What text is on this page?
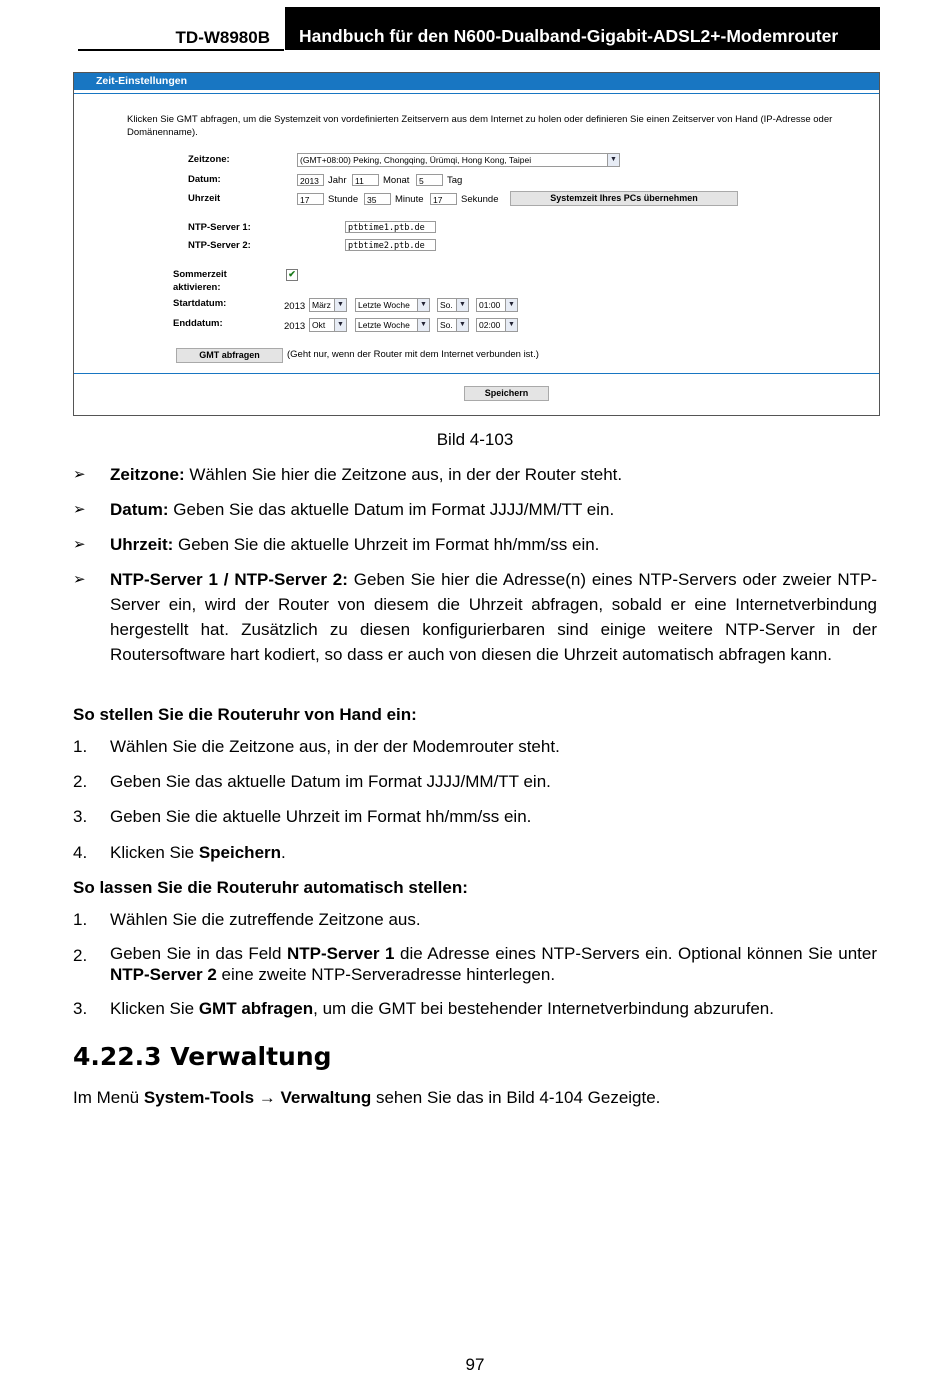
TD-W8980B Handbuch für den N600-Dualband-Gigabit-ADSL2+-Modemrouter
Zeit-Einstellungen
Klicken Sie GMT abfragen, um die Systemzeit von vordefinierten Zeitservern aus dem Internet zu holen oder definieren Sie einen Zeitserver von Hand (IP-Adresse oder Domänenname).
Zeitzone:	(GMT+08:00) Peking, Chongqing, Ürümqi, Hong Kong, Taipei	▼
Datum:	2013 Jahr	11	Monat	5	Tag
Uhrzeit	17	Stunde	35	Minute	17	Sekunde	Systemzeit Ihres PCs übernehmen
NTP-Server 1:	ptbtime1.ptb.de
NTP-Server 2:	ptbtime2.ptb.de
Sommerzeit aktivieren:
✔
Startdatum:	2013 März ▼	Letzte Woche	▼	So. ▼	01:00	▼
Enddatum:	2013 Okt	▼	Letzte Woche	▼	So. ▼	02:00	▼
GMT abfragen	(Geht nur, wenn der Router mit dem Internet verbunden ist.)
Speichern
Bild 4-103
➢ Zeitzone: Wählen Sie hier die Zeitzone aus, in der der Router steht.
➢ Datum: Geben Sie das aktuelle Datum im Format JJJJ/MM/TT ein.
➢ Uhrzeit: Geben Sie die aktuelle Uhrzeit im Format hh/mm/ss ein.
➢ NTP-Server 1 / NTP-Server 2: Geben Sie hier die Adresse(n) eines NTP-Servers oder zweier NTP-Server ein, wird der Router von diesem die Uhrzeit abfragen, sobald er eine Internetverbindung hergestellt hat. Zusätzlich zu diesen konfigurierbaren sind einige weitere NTP-Server in der Routersoftware hart kodiert, so dass er auch von diesen die Uhrzeit automatisch abfragen kann.
So stellen Sie die Routeruhr von Hand ein:
1. Wählen Sie die Zeitzone aus, in der der Modemrouter steht.
2. Geben Sie das aktuelle Datum im Format JJJJ/MM/TT ein.
3. Geben Sie die aktuelle Uhrzeit im Format hh/mm/ss ein.
4. Klicken Sie Speichern.
So lassen Sie die Routeruhr automatisch stellen:
1. Wählen Sie die zutreffende Zeitzone aus.
2. Geben Sie in das Feld NTP-Server 1 die Adresse eines NTP-Servers ein. Optional können Sie unter NTP-Server 2 eine zweite NTP-Serveradresse hinterlegen.
3. Klicken Sie GMT abfragen, um die GMT bei bestehender Internetverbindung abzurufen.
4.22.3 Verwaltung
Im Menü System-Tools → Verwaltung sehen Sie das in Bild 4-104 Gezeigte.
97
